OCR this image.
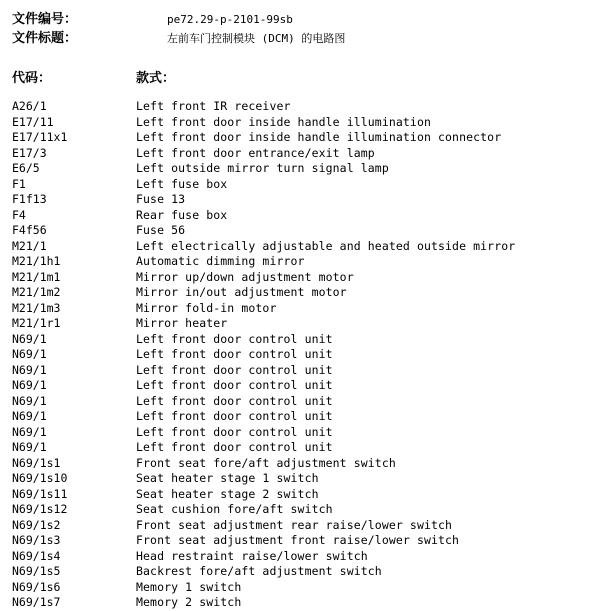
文件编号：	pe72.29-p-2101-99sb
文件标题：	左前车门控制模块 (DCM) 的电路图
代码：	款式：
A26/1	Left front IR receiver
E17/11	Left front door inside handle illumination
E17/11x1	Left front door inside handle illumination connector
E17/3	Left front door entrance/exit lamp
E6/5	Left outside mirror turn signal lamp
F1	Left fuse box
F1f13	Fuse 13
F4	Rear fuse box
F4f56	Fuse 56
M21/1	Left electrically adjustable and heated outside mirror
M21/1h1	Automatic dimming mirror
M21/1m1	Mirror up/down adjustment motor
M21/1m2	Mirror in/out adjustment motor
M21/1m3	Mirror fold-in motor
M21/1r1	Mirror heater
N69/1	Left front door control unit
N69/1	Left front door control unit
N69/1	Left front door control unit
N69/1	Left front door control unit
N69/1	Left front door control unit
N69/1	Left front door control unit
N69/1	Left front door control unit
N69/1	Left front door control unit
N69/1s1	Front seat fore/aft adjustment switch
N69/1s10	Seat heater stage 1 switch
N69/1s11	Seat heater stage 2 switch
N69/1s12	Seat cushion fore/aft switch
N69/1s2	Front seat adjustment rear raise/lower switch
N69/1s3	Front seat adjustment front raise/lower switch
N69/1s4	Head restraint raise/lower switch
N69/1s5	Backrest fore/aft adjustment switch
N69/1s6	Memory 1 switch
N69/1s7	Memory 2 switch
